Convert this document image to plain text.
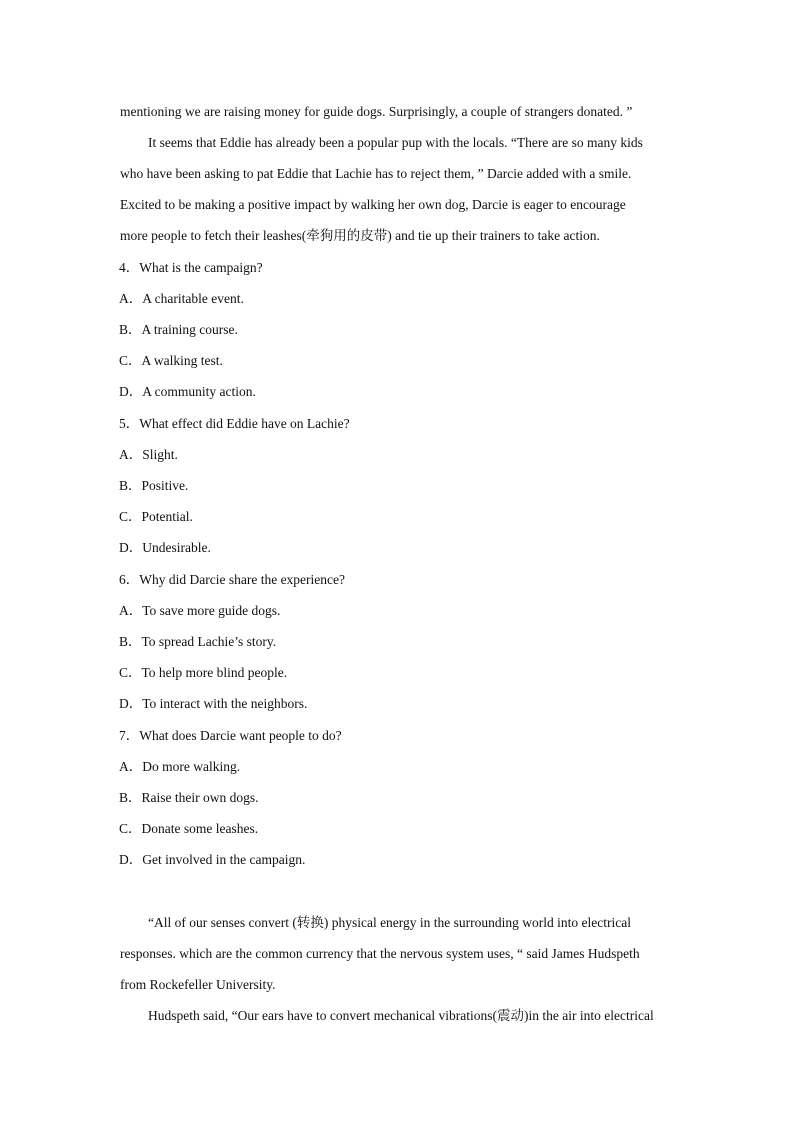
mentioning we are raising money for guide dogs. Surprisingly, a couple of strangers donated. ”
It seems that Eddie has already been a popular pup with the locals. “There are so many kids
who have been asking to pat Eddie that Lachie has to reject them, ” Darcie added with a smile.
Excited to be making a positive impact by walking her own dog, Darcie is eager to encourage
more people to fetch their leashes(牵狗用的皮带) and tie up their trainers to take action.
4．What is the campaign?
A．A charitable event.
B．A training course.
C．A walking test.
D．A community action.
5．What effect did Eddie have on Lachie?
A．Slight.
B．Positive.
C．Potential.
D．Undesirable.
6．Why did Darcie share the experience?
A．To save more guide dogs.
B．To spread Lachie’s story.
C．To help more blind people.
D．To interact with the neighbors.
7．What does Darcie want people to do?
A．Do more walking.
B．Raise their own dogs.
C．Donate some leashes.
D．Get involved in the campaign.
“All of our senses convert (转换) physical energy in the surrounding world into electrical
responses. which are the common currency that the nervous system uses, “ said James Hudspeth
from Rockefeller University.
Hudspeth said, “Our ears have to convert mechanical vibrations(震动)in the air into electrical
